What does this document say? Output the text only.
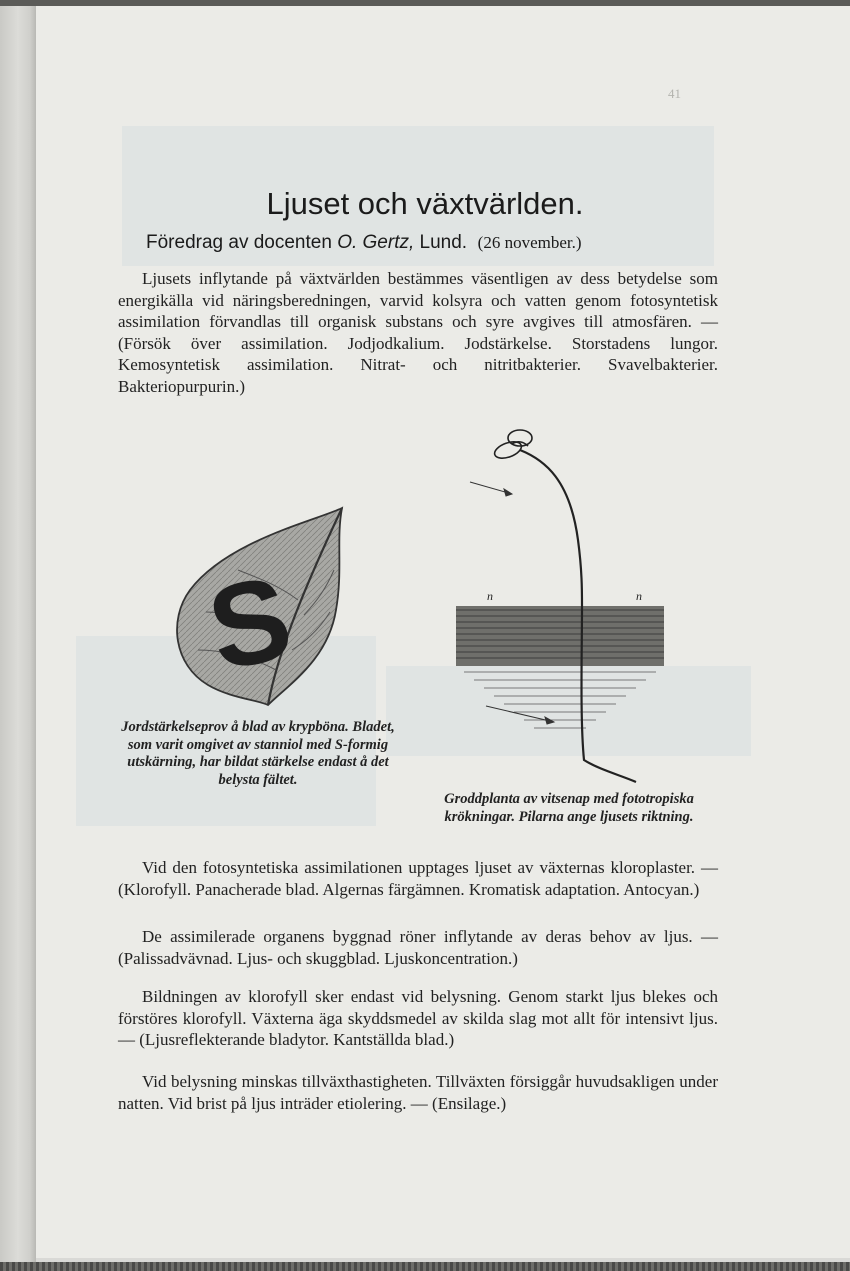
41
Ljuset och växtvärlden.
Föredrag av docenten O. Gertz, Lund. (26 november.)
Ljusets inflytande på växtvärlden bestämmes väsentligen av dess betydelse som energikälla vid näringsberedningen, varvid kolsyra och vatten genom fotosyntetisk assimilation förvandlas till organisk substans och syre avgives till atmosfären. — (Försök över assimilation. Jodjodkalium. Jodstärkelse. Storstadens lungor. Kemosyntetisk assimilation. Nitrat- och nitritbakterier. Svavelbakterier. Bakteriopurpurin.)
S	n	n
Jordstärkelseprov å blad av krypböna. Bladet, som varit omgivet av stanniol med S-formig utskärning, har bildat stärkelse endast å det belysta fältet.
Groddplanta av vitsenap med fototropiska krökningar. Pilarna ange ljusets riktning.
Vid den fotosyntetiska assimilationen upptages ljuset av växternas kloroplaster. — (Klorofyll. Panacherade blad. Algernas färgämnen. Kromatisk adaptation. Antocyan.)
De assimilerade organens byggnad röner inflytande av deras behov av ljus. — (Palissadvävnad. Ljus- och skuggblad. Ljuskoncentration.)
Bildningen av klorofyll sker endast vid belysning. Genom starkt ljus blekes och förstöres klorofyll. Växterna äga skyddsmedel av skilda slag mot allt för intensivt ljus. — (Ljusreflekterande bladytor. Kantställda blad.)
Vid belysning minskas tillväxthastigheten. Tillväxten försiggår huvudsakligen under natten. Vid brist på ljus inträder etiolering. — (Ensilage.)
